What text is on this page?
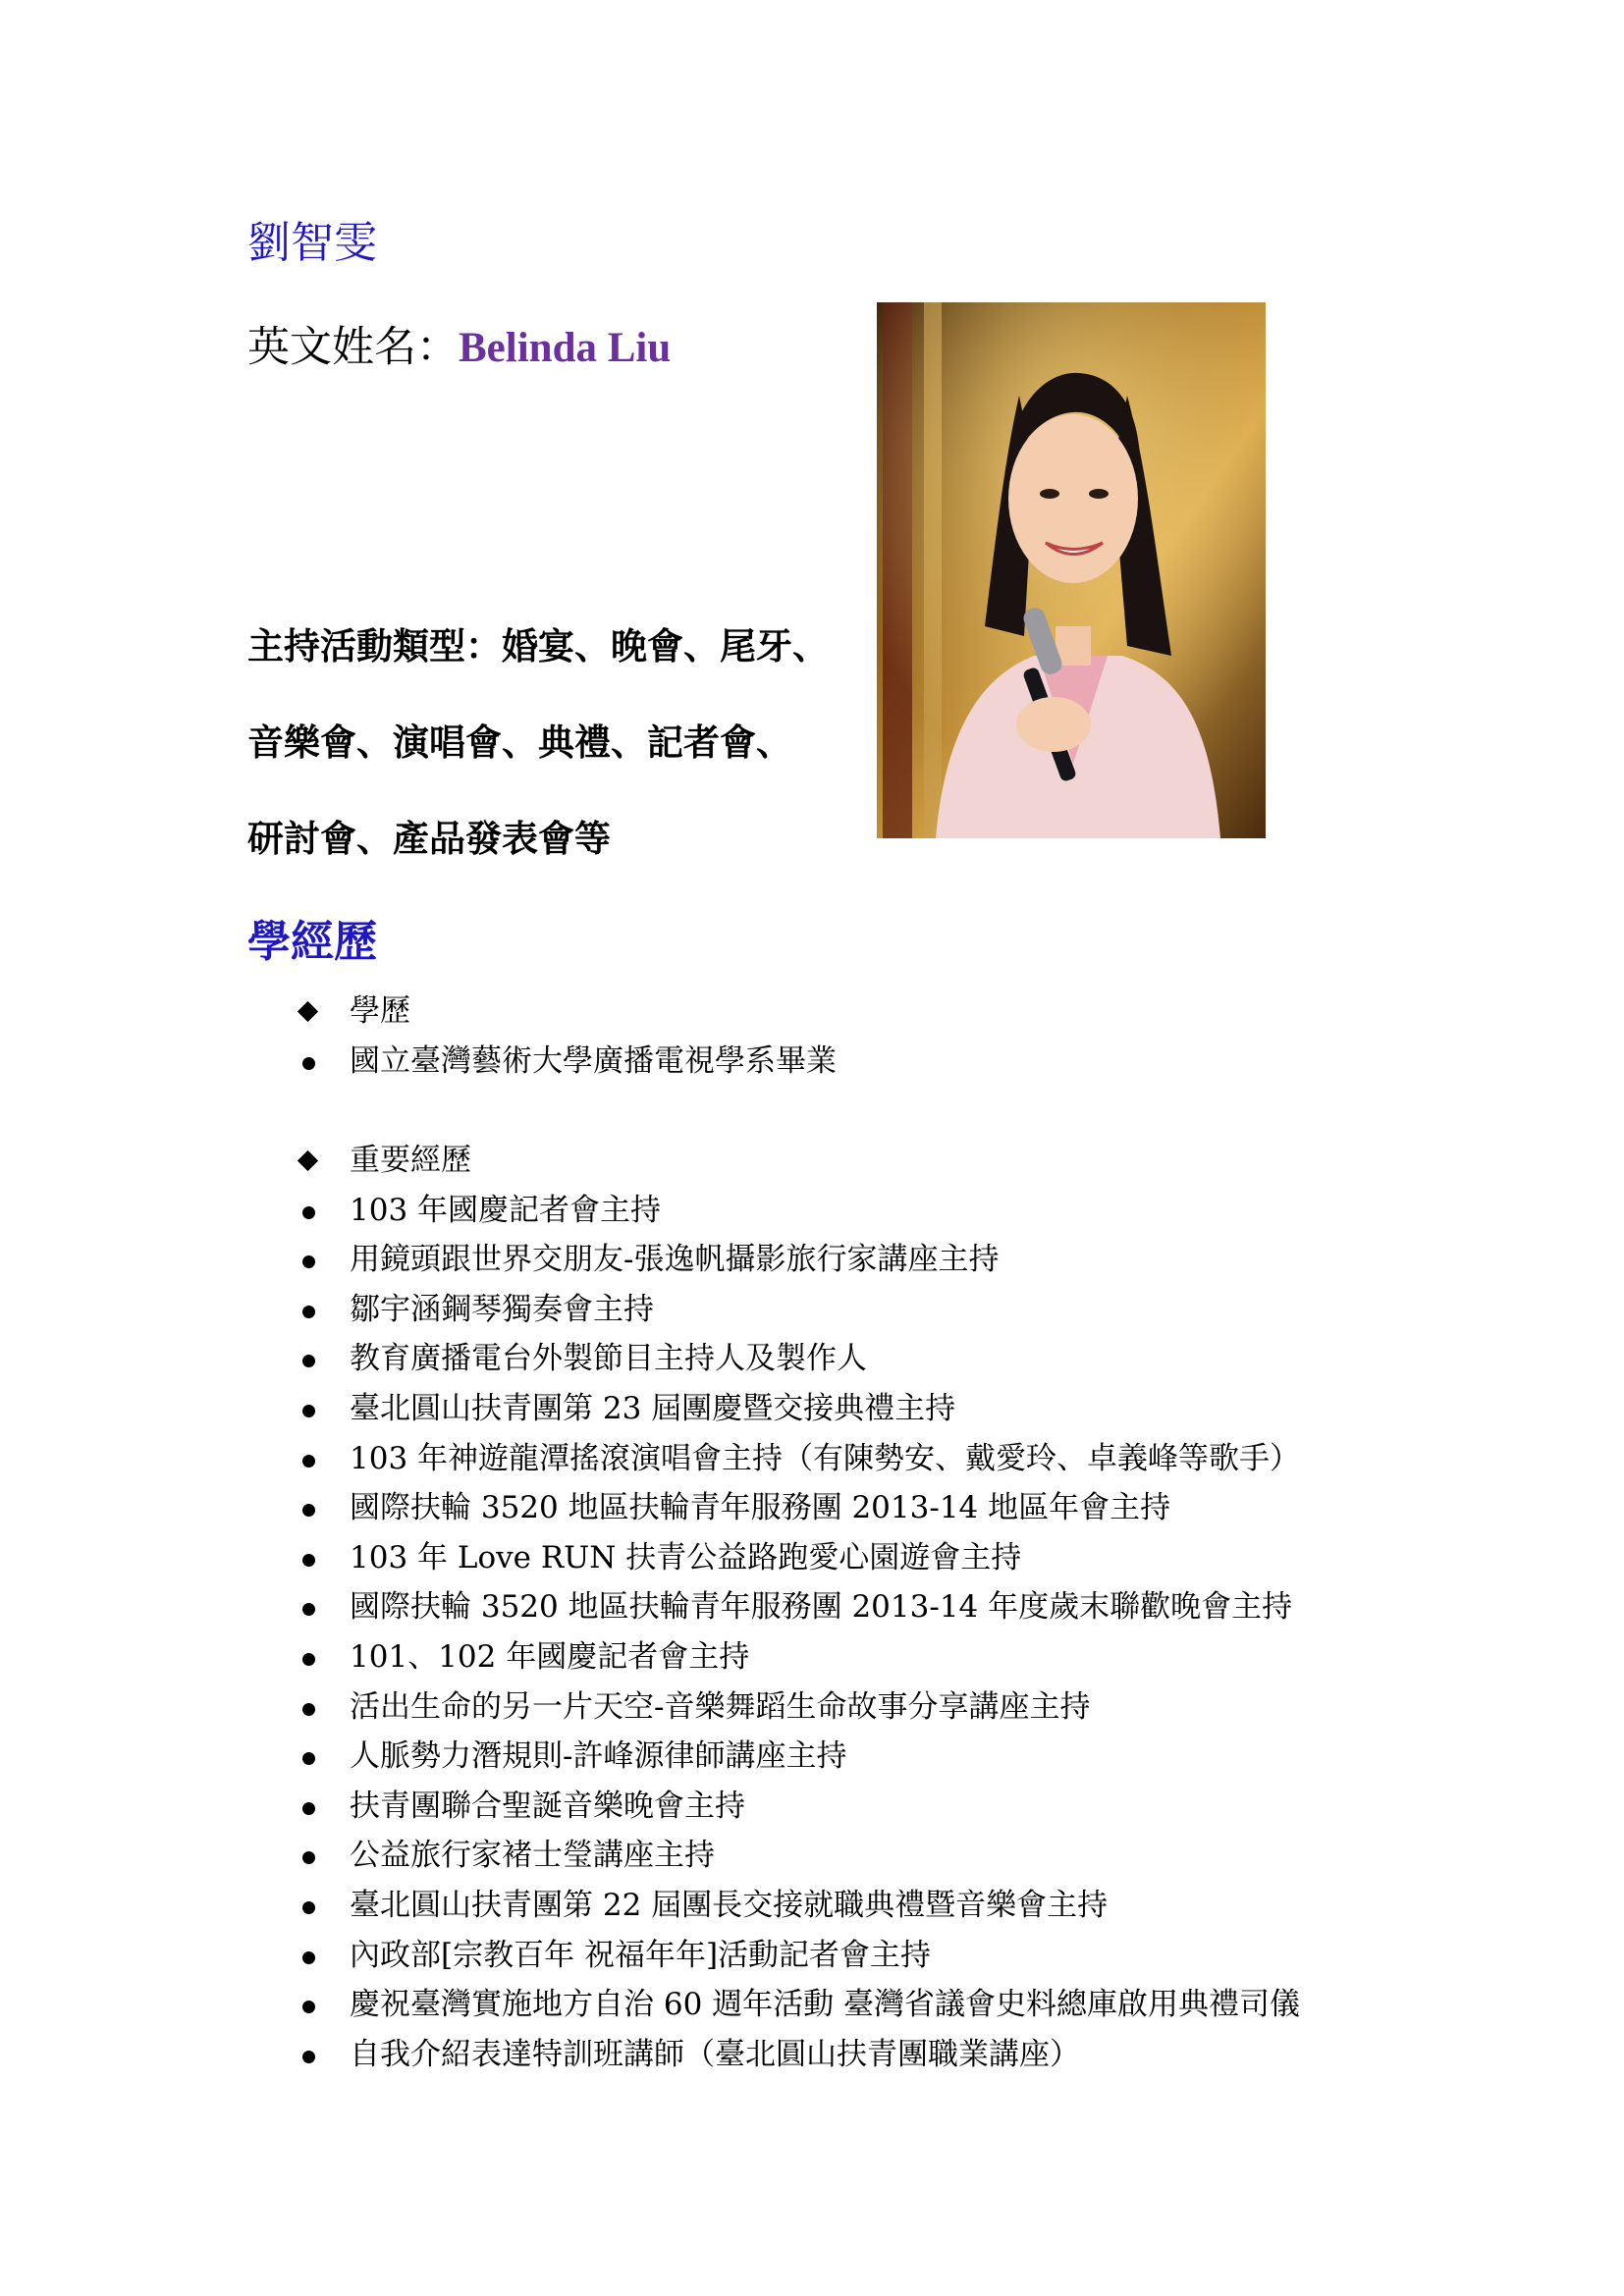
劉智雯

英文姓名：Belinda Liu

主持活動類型：婚宴、晚會、尾牙、

音樂會、演唱會、典禮、記者會、

研討會、產品發表會等

學經歷
學歷
國立臺灣藝術大學廣播電視學系畢業
重要經歷
103 年國慶記者會主持
用鏡頭跟世界交朋友-張逸帆攝影旅行家講座主持
鄒宇涵鋼琴獨奏會主持
教育廣播電台外製節目主持人及製作人
臺北圓山扶青團第 23 屆團慶暨交接典禮主持
103 年神遊龍潭搖滾演唱會主持（有陳勢安、戴愛玲、卓義峰等歌手）
國際扶輪 3520 地區扶輪青年服務團 2013-14 地區年會主持
103 年 Love RUN 扶青公益路跑愛心園遊會主持
國際扶輪 3520 地區扶輪青年服務團 2013-14 年度歲末聯歡晚會主持
101、102 年國慶記者會主持
活出生命的另一片天空-音樂舞蹈生命故事分享講座主持
人脈勢力潛規則-許峰源律師講座主持
扶青團聯合聖誕音樂晚會主持
公益旅行家褚士瑩講座主持
臺北圓山扶青團第 22 屆團長交接就職典禮暨音樂會主持
內政部[宗教百年 祝福年年]活動記者會主持
慶祝臺灣實施地方自治 60 週年活動 臺灣省議會史料總庫啟用典禮司儀
自我介紹表達特訓班講師（臺北圓山扶青團職業講座）
